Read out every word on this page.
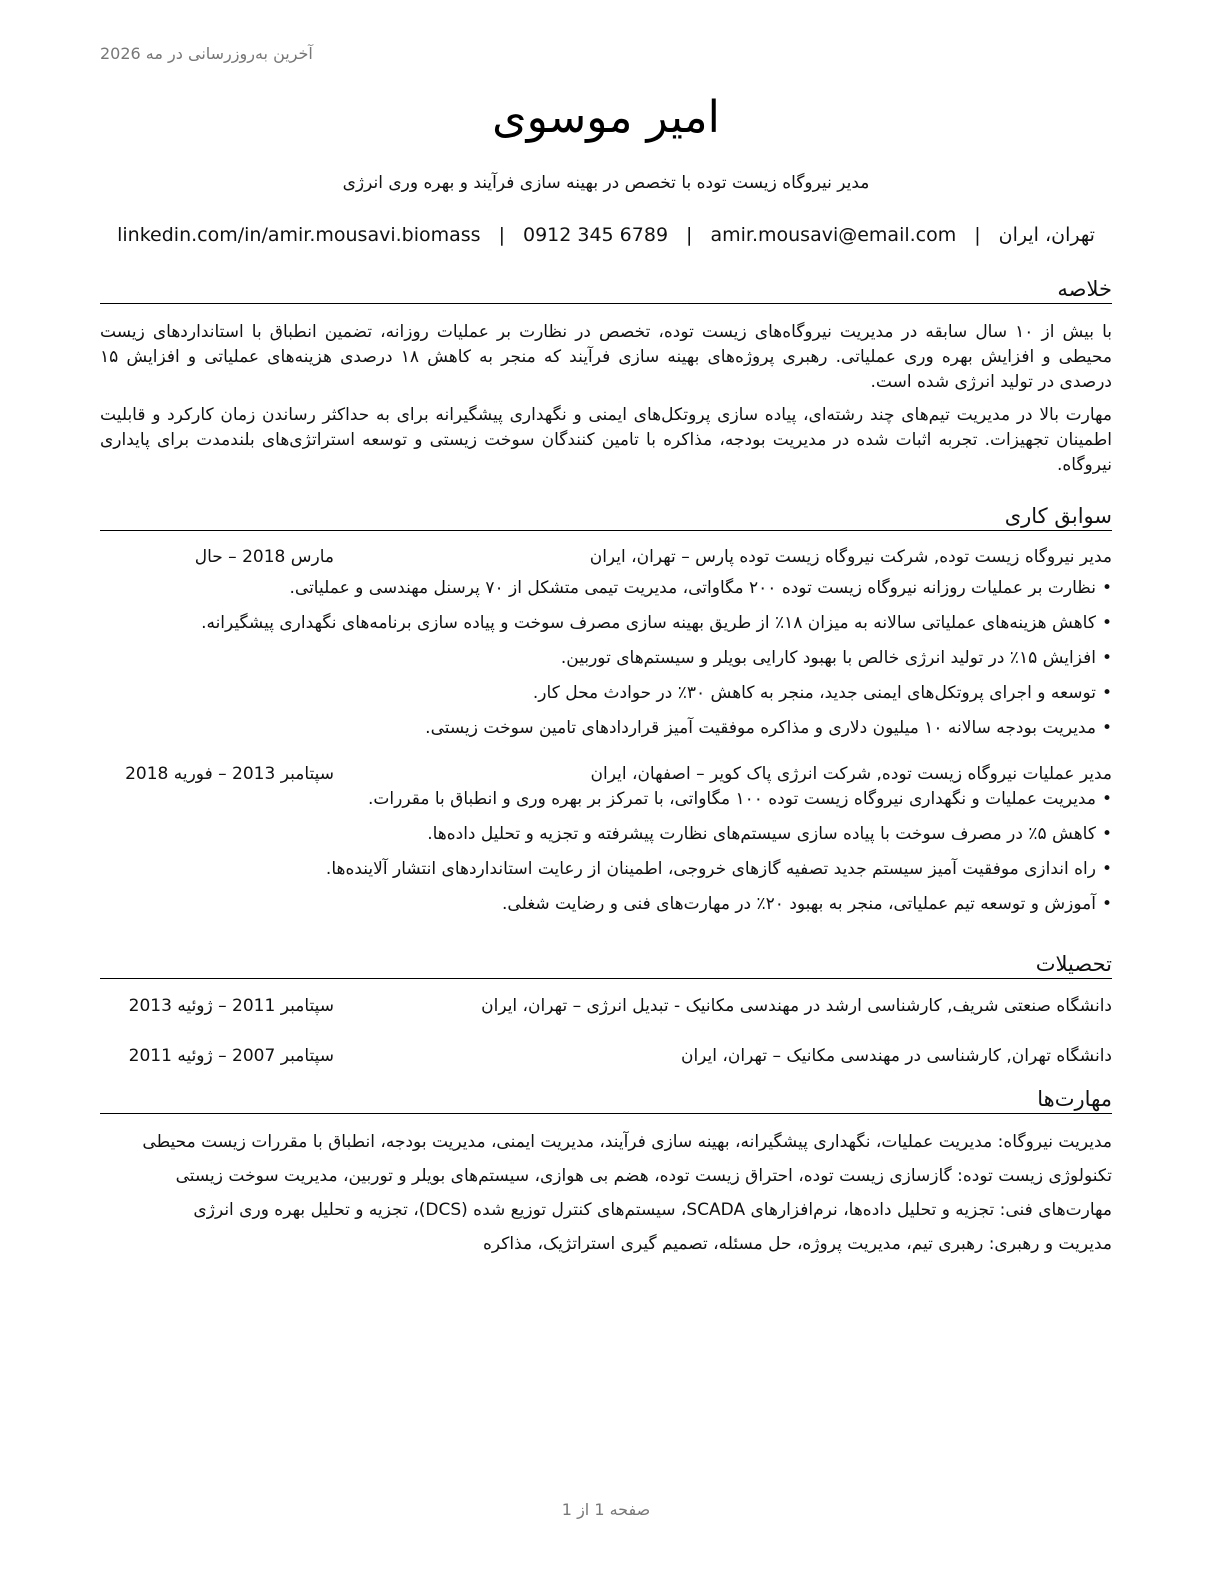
آخرین به‌روزرسانی در مه 2026
امیر موسوی
مدیر نیروگاه زیست توده با تخصص در بهینه سازی فرآیند و بهره وری انرژی
تهران، ایران|amir.mousavi@email.com|0912 345 6789|linkedin.com/in/amir.mousavi.biomass
خلاصه

با بیش از ۱۰ سال سابقه در مدیریت نیروگاه‌های زیست توده، تخصص در نظارت بر عملیات روزانه، تضمین انطباق با استانداردهای زیست محیطی و افزایش بهره وری عملیاتی. رهبری پروژه‌های بهینه سازی فرآیند که منجر به کاهش ۱۸ درصدی هزینه‌های عملیاتی و افزایش ۱۵ درصدی در تولید انرژی شده است.

مهارت بالا در مدیریت تیم‌های چند رشته‌ای، پیاده سازی پروتکل‌های ایمنی و نگهداری پیشگیرانه برای به حداکثر رساندن زمان کارکرد و قابلیت اطمینان تجهیزات. تجربه اثبات شده در مدیریت بودجه، مذاکره با تامین کنندگان سوخت زیستی و توسعه استراتژی‌های بلندمدت برای پایداری نیروگاه.

سوابق کاری
مدیر نیروگاه زیست توده, شرکت نیروگاه زیست توده پارس – تهران، ایران
مارس 2018 – حال
•نظارت بر عملیات روزانه نیروگاه زیست توده ۲۰۰ مگاواتی، مدیریت تیمی متشکل از ۷۰ پرسنل مهندسی و عملیاتی.
•کاهش هزینه‌های عملیاتی سالانه به میزان ۱۸٪ از طریق بهینه سازی مصرف سوخت و پیاده سازی برنامه‌های نگهداری پیشگیرانه.
•افزایش ۱۵٪ در تولید انرژی خالص با بهبود کارایی بویلر و سیستم‌های توربین.
•توسعه و اجرای پروتکل‌های ایمنی جدید، منجر به کاهش ۳۰٪ در حوادث محل کار.
•مدیریت بودجه سالانه ۱۰ میلیون دلاری و مذاکره موفقیت آمیز قراردادهای تامین سوخت زیستی.
مدیر عملیات نیروگاه زیست توده, شرکت انرژی پاک کویر – اصفهان، ایران
سپتامبر 2013 – فوریه 2018
•مدیریت عملیات و نگهداری نیروگاه زیست توده ۱۰۰ مگاواتی، با تمرکز بر بهره وری و انطباق با مقررات.
•کاهش ۵٪ در مصرف سوخت با پیاده سازی سیستم‌های نظارت پیشرفته و تجزیه و تحلیل داده‌ها.
•راه اندازی موفقیت آمیز سیستم جدید تصفیه گازهای خروجی، اطمینان از رعایت استانداردهای انتشار آلاینده‌ها.
•آموزش و توسعه تیم عملیاتی، منجر به بهبود ۲۰٪ در مهارت‌های فنی و رضایت شغلی.
تحصیلات
دانشگاه صنعتی شریف, کارشناسی ارشد در مهندسی مکانیک - تبدیل انرژی – تهران، ایران
سپتامبر 2011 – ژوئیه 2013
دانشگاه تهران, کارشناسی در مهندسی مکانیک – تهران، ایران
سپتامبر 2007 – ژوئیه 2011
مهارت‌ها

مدیریت نیروگاه: مدیریت عملیات، نگهداری پیشگیرانه، بهینه سازی فرآیند، مدیریت ایمنی، مدیریت بودجه، انطباق با مقررات زیست محیطی

تکنولوژی زیست توده: گازسازی زیست توده، احتراق زیست توده، هضم بی هوازی، سیستم‌های بویلر و توربین، مدیریت سوخت زیستی

مهارت‌های فنی: تجزیه و تحلیل داده‌ها، نرم‌افزارهای SCADA، سیستم‌های کنترل توزیع شده (DCS)، تجزیه و تحلیل بهره وری انرژی

مدیریت و رهبری: رهبری تیم، مدیریت پروژه، حل مسئله، تصمیم گیری استراتژیک، مذاکره

صفحه 1 از 1
